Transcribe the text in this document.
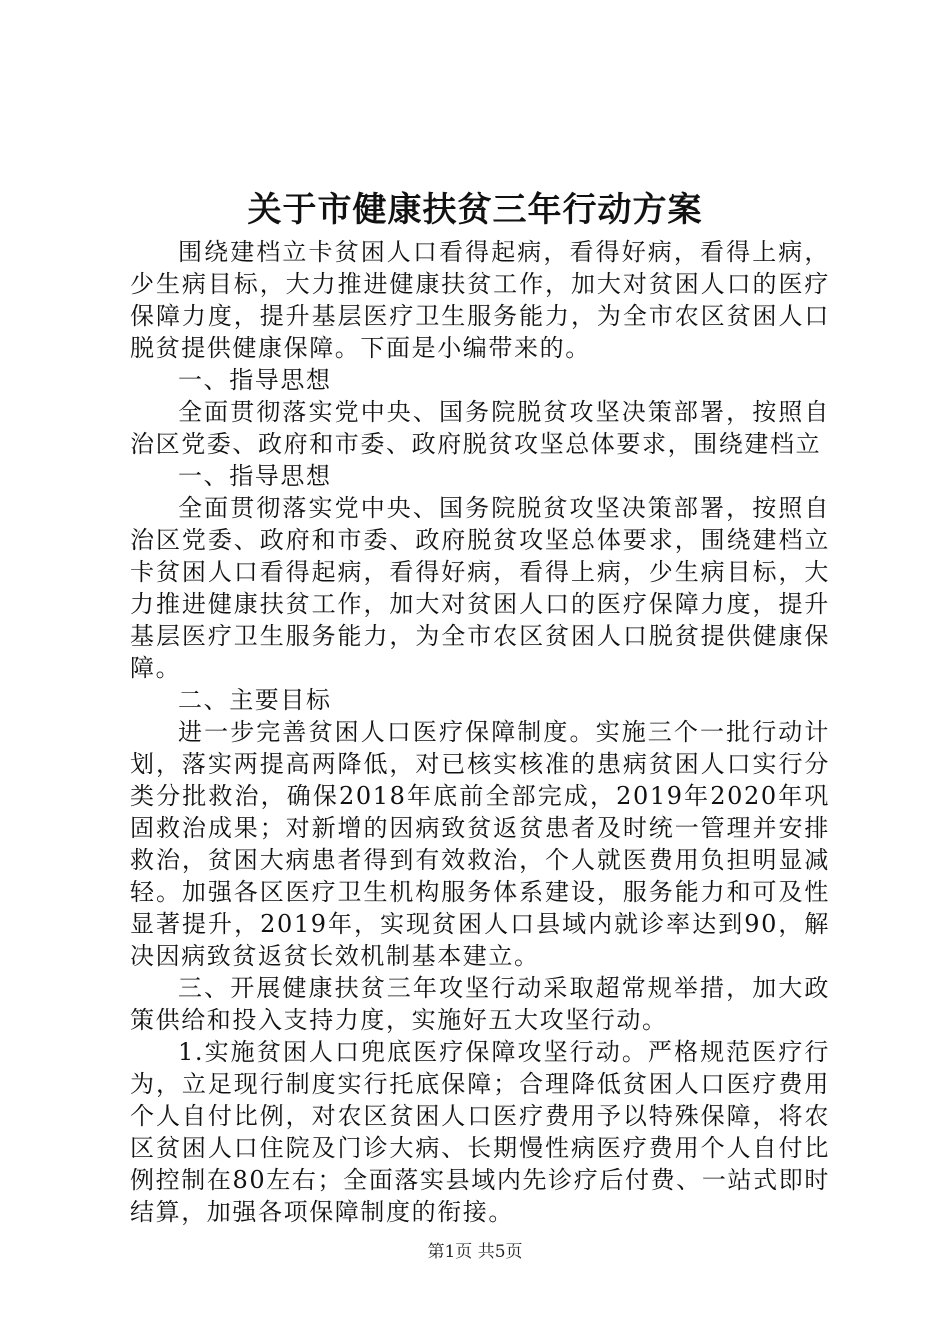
关于市健康扶贫三年行动方案

围绕建档立卡贫困人口看得起病，看得好病，看得上病，少生病目标，大力推进健康扶贫工作，加大对贫困人口的医疗保障力度，提升基层医疗卫生服务能力，为全市农区贫困人口脱贫提供健康保障。下面是小编带来的。

一、指导思想

全面贯彻落实党中央、国务院脱贫攻坚决策部署，按照自治区党委、政府和市委、政府脱贫攻坚总体要求，围绕建档立

一、指导思想

全面贯彻落实党中央、国务院脱贫攻坚决策部署，按照自治区党委、政府和市委、政府脱贫攻坚总体要求，围绕建档立卡贫困人口看得起病，看得好病，看得上病，少生病目标，大力推进健康扶贫工作，加大对贫困人口的医疗保障力度，提升基层医疗卫生服务能力，为全市农区贫困人口脱贫提供健康保障。

二、主要目标

进一步完善贫困人口医疗保障制度。实施三个一批行动计划，落实两提高两降低，对已核实核准的患病贫困人口实行分类分批救治，确保2018年底前全部完成，2019年2020年巩固救治成果；对新增的因病致贫返贫患者及时统一管理并安排救治，贫困大病患者得到有效救治，个人就医费用负担明显减轻。加强各区医疗卫生机构服务体系建设，服务能力和可及性显著提升，2019年，实现贫困人口县域内就诊率达到90，解决因病致贫返贫长效机制基本建立。

三、开展健康扶贫三年攻坚行动采取超常规举措，加大政策供给和投入支持力度，实施好五大攻坚行动。

1.实施贫困人口兜底医疗保障攻坚行动。严格规范医疗行为，立足现行制度实行托底保障；合理降低贫困人口医疗费用个人自付比例，对农区贫困人口医疗费用予以特殊保障，将农区贫困人口住院及门诊大病、长期慢性病医疗费用个人自付比例控制在80左右；全面落实县域内先诊疗后付费、一站式即时结算，加强各项保障制度的衔接。

第1页 共5页
